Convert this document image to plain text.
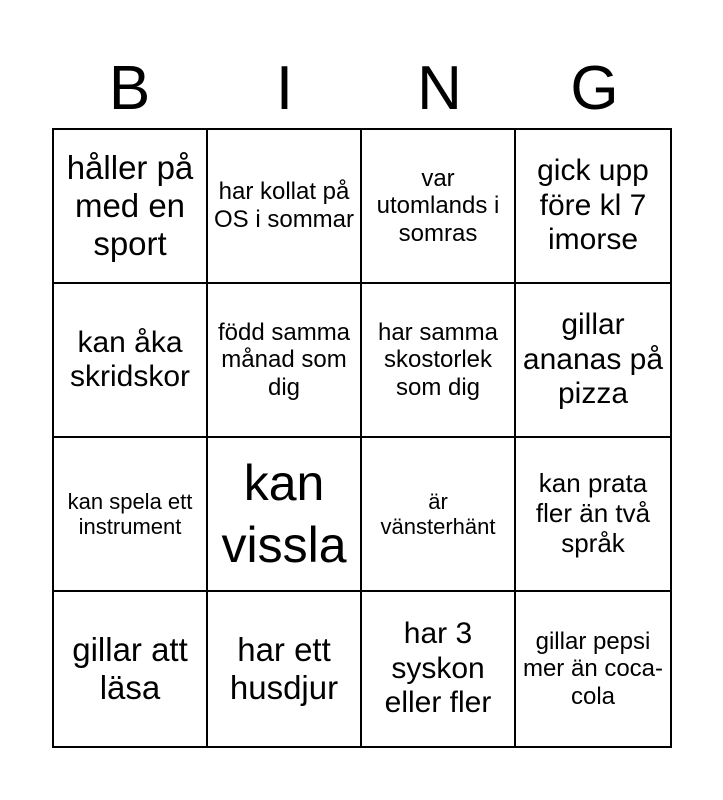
B	I	N	G
håller på med en sport
har kollat på OS i sommar
var utomlands i somras
gick upp före kl 7 imorse
kan åka skridskor
född samma månad som dig
har samma skostorlek som dig
gillar ananas på pizza
kan spela ett instrument
kan vissla
är vänsterhänt
kan prata fler än två språk
gillar att läsa
har ett husdjur
har 3 syskon eller fler
gillar pepsi mer än coca-cola
